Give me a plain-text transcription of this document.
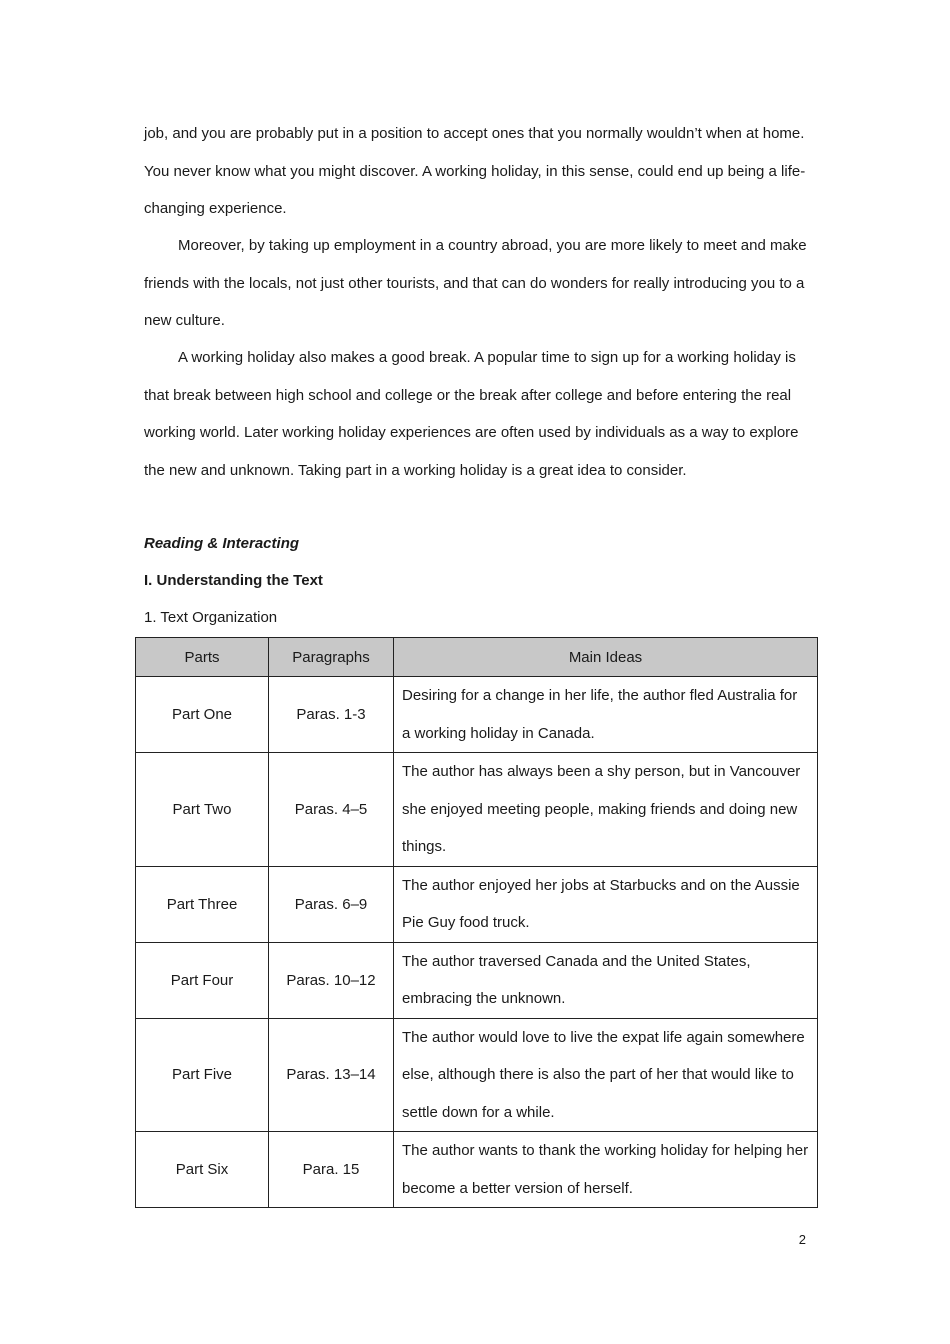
job, and you are probably put in a position to accept ones that you normally wouldn’t when at home. You never know what you might discover. A working holiday, in this sense, could end up being a life-changing experience.

Moreover, by taking up employment in a country abroad, you are more likely to meet and make friends with the locals, not just other tourists, and that can do wonders for really introducing you to a new culture.

A working holiday also makes a good break. A popular time to sign up for a working holiday is that break between high school and college or the break after college and before entering the real working world. Later working holiday experiences are often used by individuals as a way to explore the new and unknown. Taking part in a working holiday is a great idea to consider.

Reading & Interacting

I. Understanding the Text

1. Text Organization

Parts	Paragraphs	Main Ideas
Part One	Paras. 1-3	Desiring for a change in her life, the author fled Australia for a working holiday in Canada.
Part Two	Paras. 4–5	The author has always been a shy person, but in Vancouver she enjoyed meeting people, making friends and doing new things.
Part Three	Paras. 6–9	The author enjoyed her jobs at Starbucks and on the Aussie Pie Guy food truck.
Part Four	Paras. 10–12	The author traversed Canada and the United States, embracing the unknown.
Part Five	Paras. 13–14	The author would love to live the expat life again somewhere else, although there is also the part of her that would like to settle down for a while.
Part Six	Para. 15	The author wants to thank the working holiday for helping her become a better version of herself.

2
